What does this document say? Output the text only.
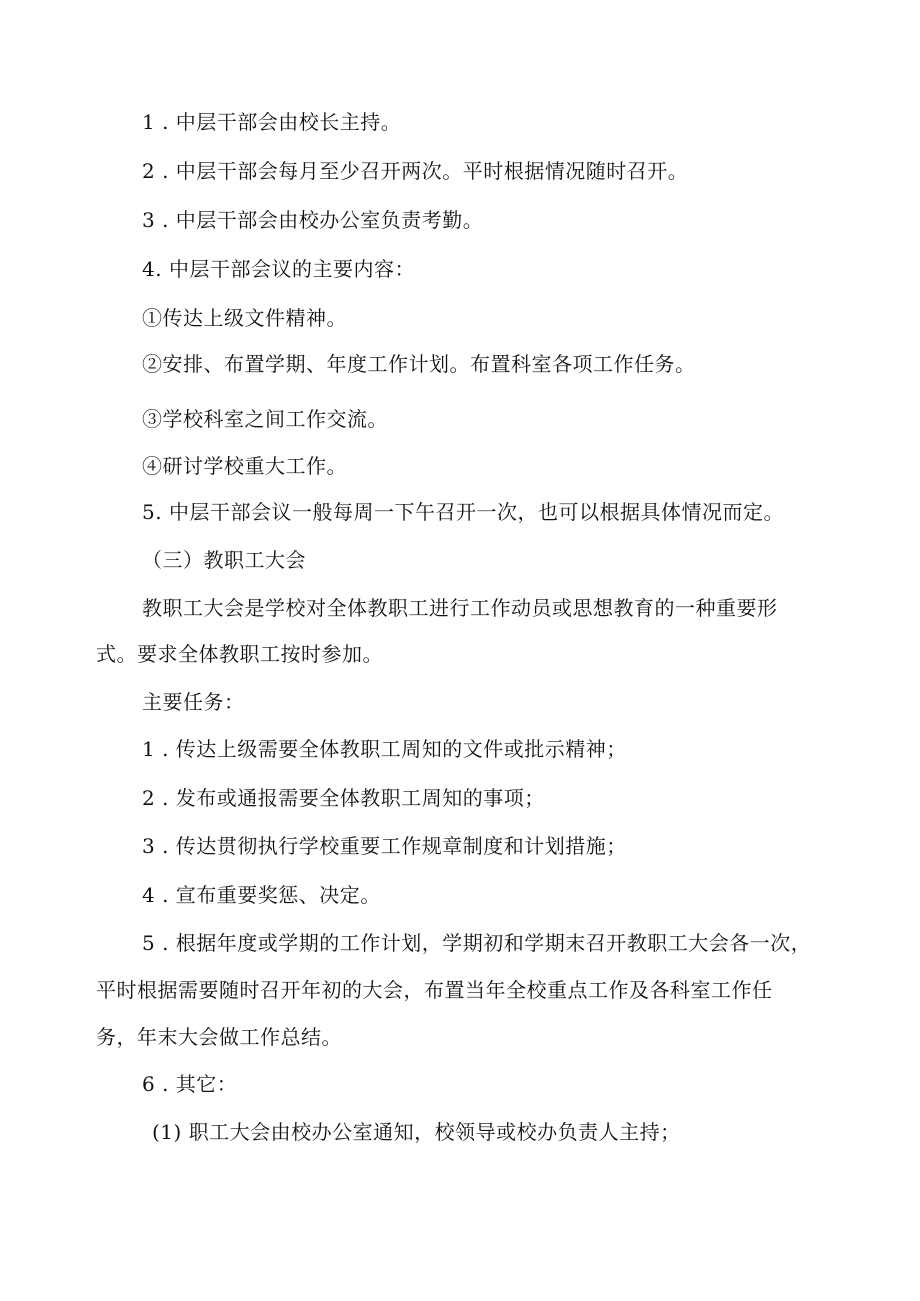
1 . 中层干部会由校长主持。
2 . 中层干部会每月至少召开两次。平时根据情况随时召开。
3 . 中层干部会由校办公室负责考勤。
4. 中层干部会议的主要内容：
①传达上级文件精神。
②安排、布置学期、年度工作计划。布置科室各项工作任务。
③学校科室之间工作交流。
④研讨学校重大工作。
5. 中层干部会议一般每周一下午召开一次，也可以根据具体情况而定。
（三）教职工大会
教职工大会是学校对全体教职工进行工作动员或思想教育的一种重要形
式。要求全体教职工按时参加。
主要任务：
1 . 传达上级需要全体教职工周知的文件或批示精神；
2 . 发布或通报需要全体教职工周知的事项；
3 . 传达贯彻执行学校重要工作规章制度和计划措施；
4 . 宣布重要奖惩、决定。
5 . 根据年度或学期的工作计划，学期初和学期末召开教职工大会各一次，
平时根据需要随时召开年初的大会，布置当年全校重点工作及各科室工作任
务，年末大会做工作总结。
6 . 其它：
(1) 职工大会由校办公室通知，校领导或校办负责人主持；
